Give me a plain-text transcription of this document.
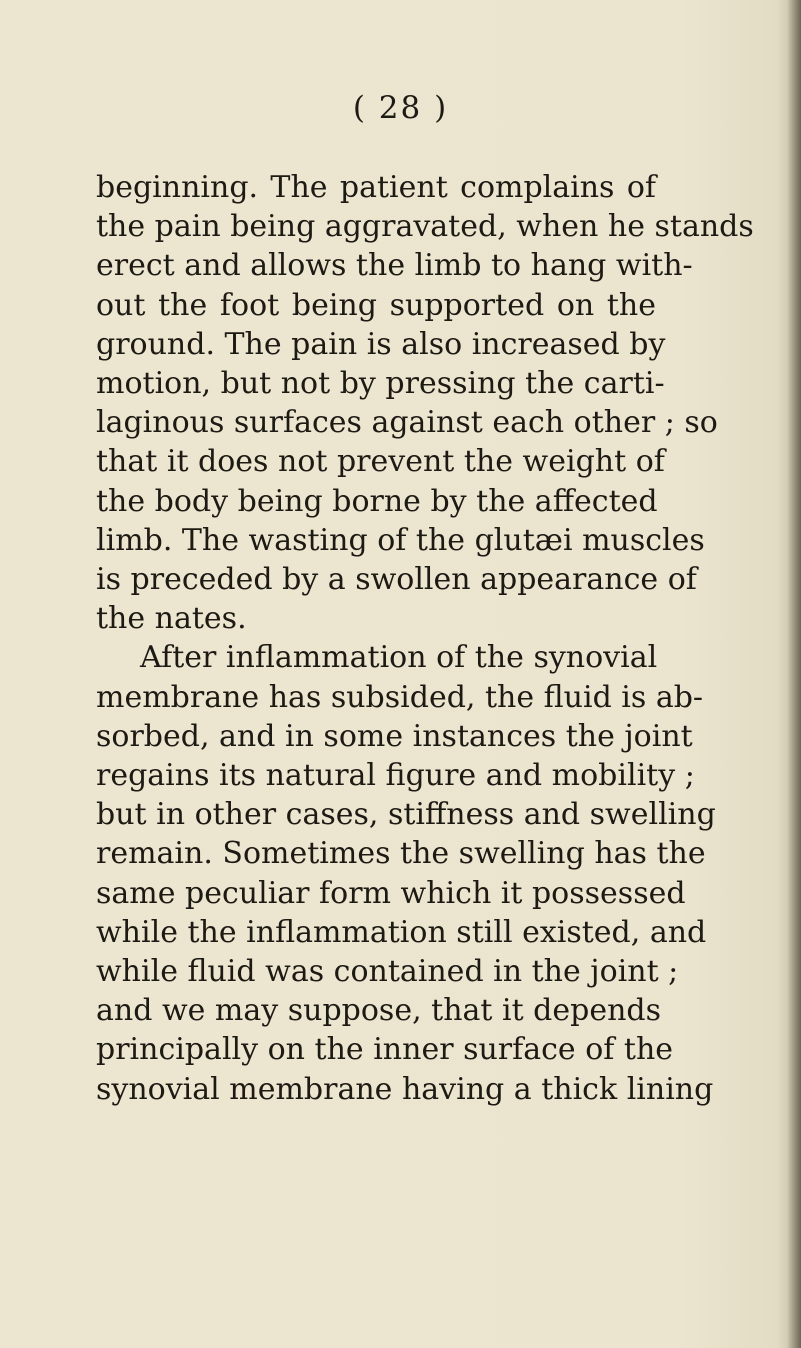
( 28 )
beginning. The patient complains of
the pain being aggravated, when he stands
erect and allows the limb to hang with-
out the foot being supported on the
ground. The pain is also increased by
motion, but not by pressing the carti-
laginous surfaces against each other ; so
that it does not prevent the weight of
the body being borne by the affected
limb. The wasting of the glutæi muscles
is preceded by a swollen appearance of
the nates.
After inflammation of the synovial
membrane has subsided, the fluid is ab-
sorbed, and in some instances the joint
regains its natural figure and mobility ;
but in other cases, stiffness and swelling
remain. Sometimes the swelling has the
same peculiar form which it possessed
while the inflammation still existed, and
while fluid was contained in the joint ;
and we may suppose, that it depends
principally on the inner surface of the
synovial membrane having a thick lining
